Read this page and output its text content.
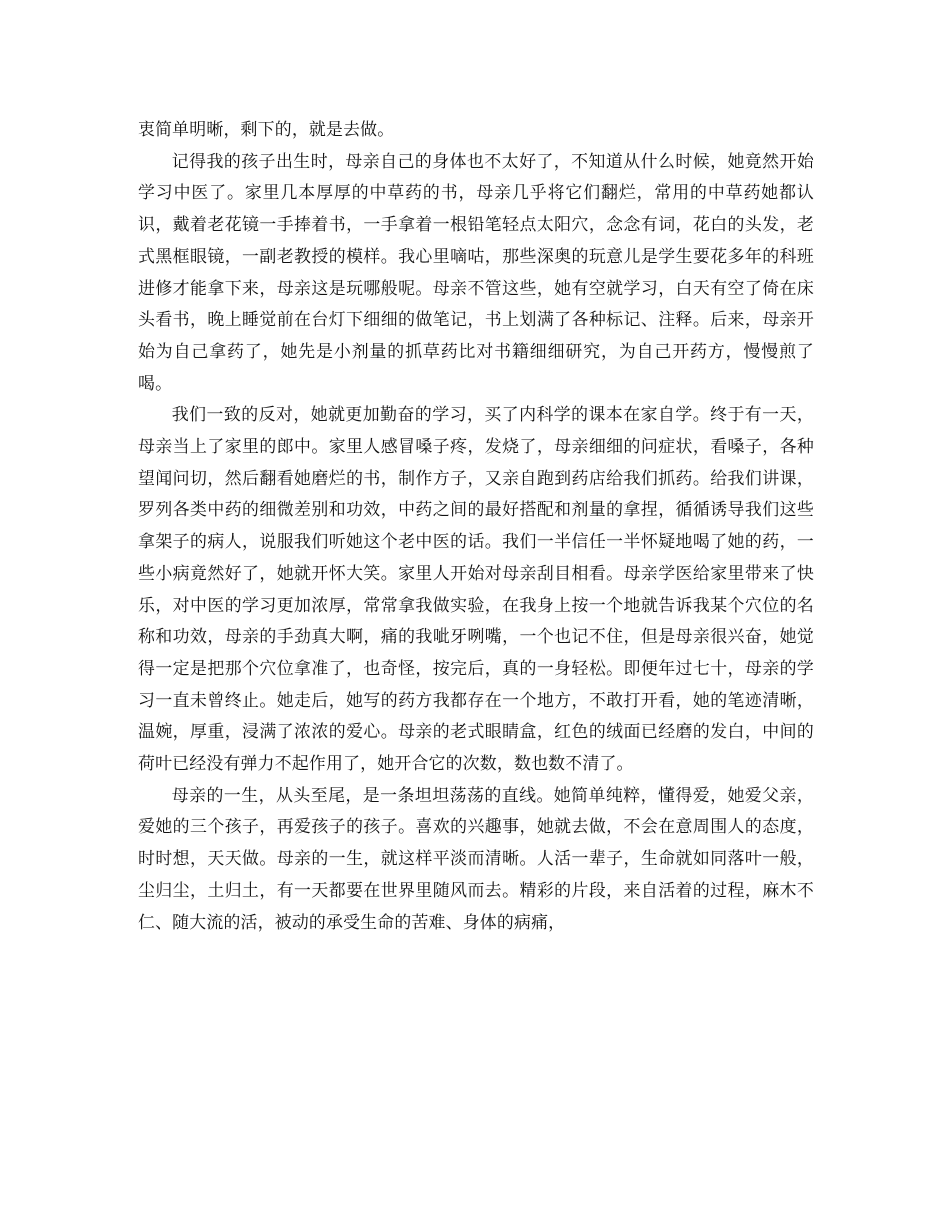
衷简单明晰，剩下的，就是去做。

记得我的孩子出生时，母亲自己的身体也不太好了，不知道从什么时候，她竟然开始学习中医了。家里几本厚厚的中草药的书，母亲几乎将它们翻烂，常用的中草药她都认识，戴着老花镜一手捧着书，一手拿着一根铅笔轻点太阳穴，念念有词，花白的头发，老式黑框眼镜，一副老教授的模样。我心里嘀咕，那些深奥的玩意儿是学生要花多年的科班进修才能拿下来，母亲这是玩哪般呢。母亲不管这些，她有空就学习，白天有空了倚在床头看书，晚上睡觉前在台灯下细细的做笔记，书上划满了各种标记、注释。后来，母亲开始为自己拿药了，她先是小剂量的抓草药比对书籍细细研究，为自己开药方，慢慢煎了喝。

我们一致的反对，她就更加勤奋的学习，买了内科学的课本在家自学。终于有一天，母亲当上了家里的郎中。家里人感冒嗓子疼，发烧了，母亲细细的问症状，看嗓子，各种望闻问切，然后翻看她磨烂的书，制作方子，又亲自跑到药店给我们抓药。给我们讲课，罗列各类中药的细微差别和功效，中药之间的最好搭配和剂量的拿捏，循循诱导我们这些拿架子的病人，说服我们听她这个老中医的话。我们一半信任一半怀疑地喝了她的药，一些小病竟然好了，她就开怀大笑。家里人开始对母亲刮目相看。母亲学医给家里带来了快乐，对中医的学习更加浓厚，常常拿我做实验，在我身上按一个地就告诉我某个穴位的名称和功效，母亲的手劲真大啊，痛的我呲牙咧嘴，一个也记不住，但是母亲很兴奋，她觉得一定是把那个穴位拿准了，也奇怪，按完后，真的一身轻松。即便年过七十，母亲的学习一直未曾终止。她走后，她写的药方我都存在一个地方，不敢打开看，她的笔迹清晰，温婉，厚重，浸满了浓浓的爱心。母亲的老式眼睛盒，红色的绒面已经磨的发白，中间的荷叶已经没有弹力不起作用了，她开合它的次数，数也数不清了。

母亲的一生，从头至尾，是一条坦坦荡荡的直线。她简单纯粹，懂得爱，她爱父亲，爱她的三个孩子，再爱孩子的孩子。喜欢的兴趣事，她就去做，不会在意周围人的态度，时时想，天天做。母亲的一生，就这样平淡而清晰。人活一辈子，生命就如同落叶一般，尘归尘，土归土，有一天都要在世界里随风而去。精彩的片段，来自活着的过程，麻木不仁、随大流的活，被动的承受生命的苦难、身体的病痛，
